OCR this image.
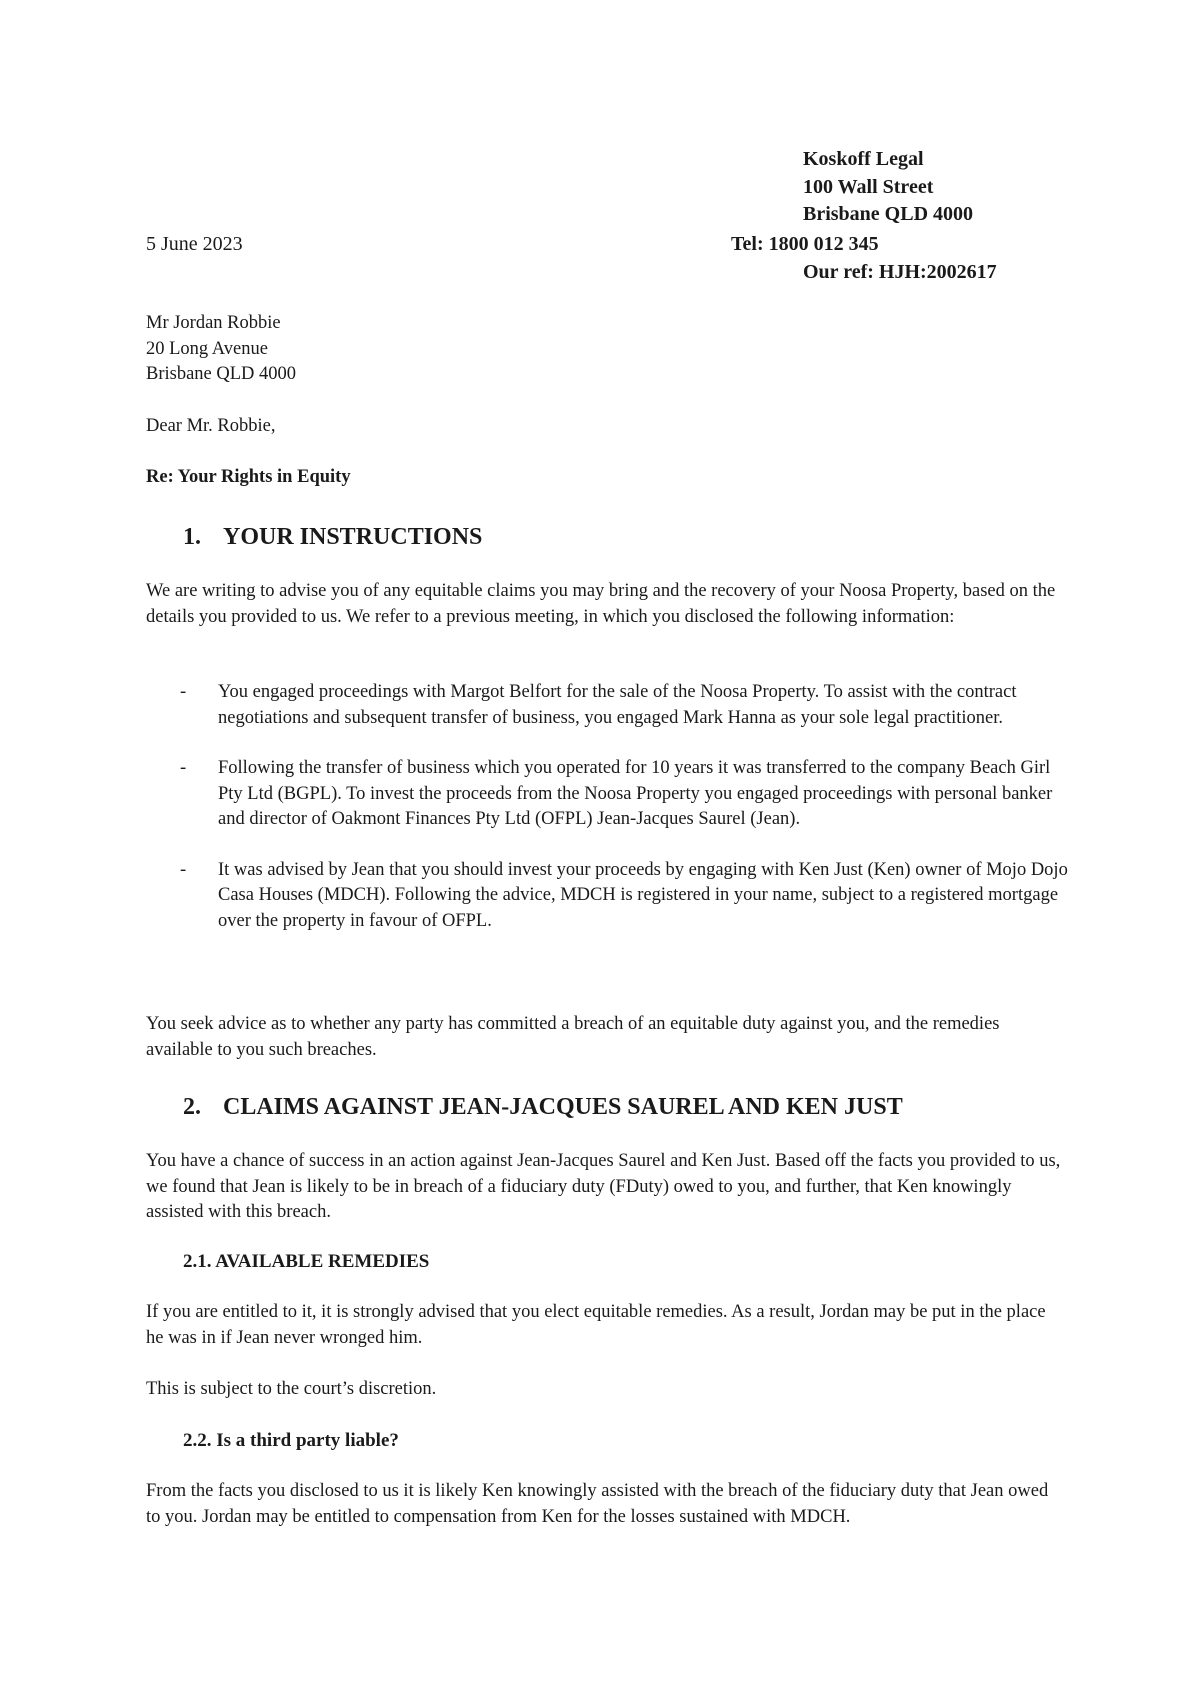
Koskoff Legal
100 Wall Street
Brisbane QLD 4000
5 June 2023	Tel: 1800 012 345
Our ref: HJH:2002617
Mr Jordan Robbie
20 Long Avenue
Brisbane QLD 4000
Dear Mr. Robbie,
Re: Your Rights in Equity
1. YOUR INSTRUCTIONS
We are writing to advise you of any equitable claims you may bring and the recovery of your Noosa Property, based on the details you provided to us. We refer to a previous meeting, in which you disclosed the following information:
- You engaged proceedings with Margot Belfort for the sale of the Noosa Property. To assist with the contract negotiations and subsequent transfer of business, you engaged Mark Hanna as your sole legal practitioner.
- Following the transfer of business which you operated for 10 years it was transferred to the company Beach Girl Pty Ltd (BGPL). To invest the proceeds from the Noosa Property you engaged proceedings with personal banker and director of Oakmont Finances Pty Ltd (OFPL) Jean-Jacques Saurel (Jean).
- It was advised by Jean that you should invest your proceeds by engaging with Ken Just (Ken) owner of Mojo Dojo Casa Houses (MDCH). Following the advice, MDCH is registered in your name, subject to a registered mortgage over the property in favour of OFPL.
You seek advice as to whether any party has committed a breach of an equitable duty against you, and the remedies available to you such breaches.
2. CLAIMS AGAINST JEAN-JACQUES SAUREL AND KEN JUST
You have a chance of success in an action against Jean-Jacques Saurel and Ken Just. Based off the facts you provided to us, we found that Jean is likely to be in breach of a fiduciary duty (FDuty) owed to you, and further, that Ken knowingly assisted with this breach.
2.1. AVAILABLE REMEDIES
If you are entitled to it, it is strongly advised that you elect equitable remedies. As a result, Jordan may be put in the place he was in if Jean never wronged him.
This is subject to the court’s discretion.
2.2. Is a third party liable?
From the facts you disclosed to us it is likely Ken knowingly assisted with the breach of the fiduciary duty that Jean owed to you. Jordan may be entitled to compensation from Ken for the losses sustained with MDCH.
